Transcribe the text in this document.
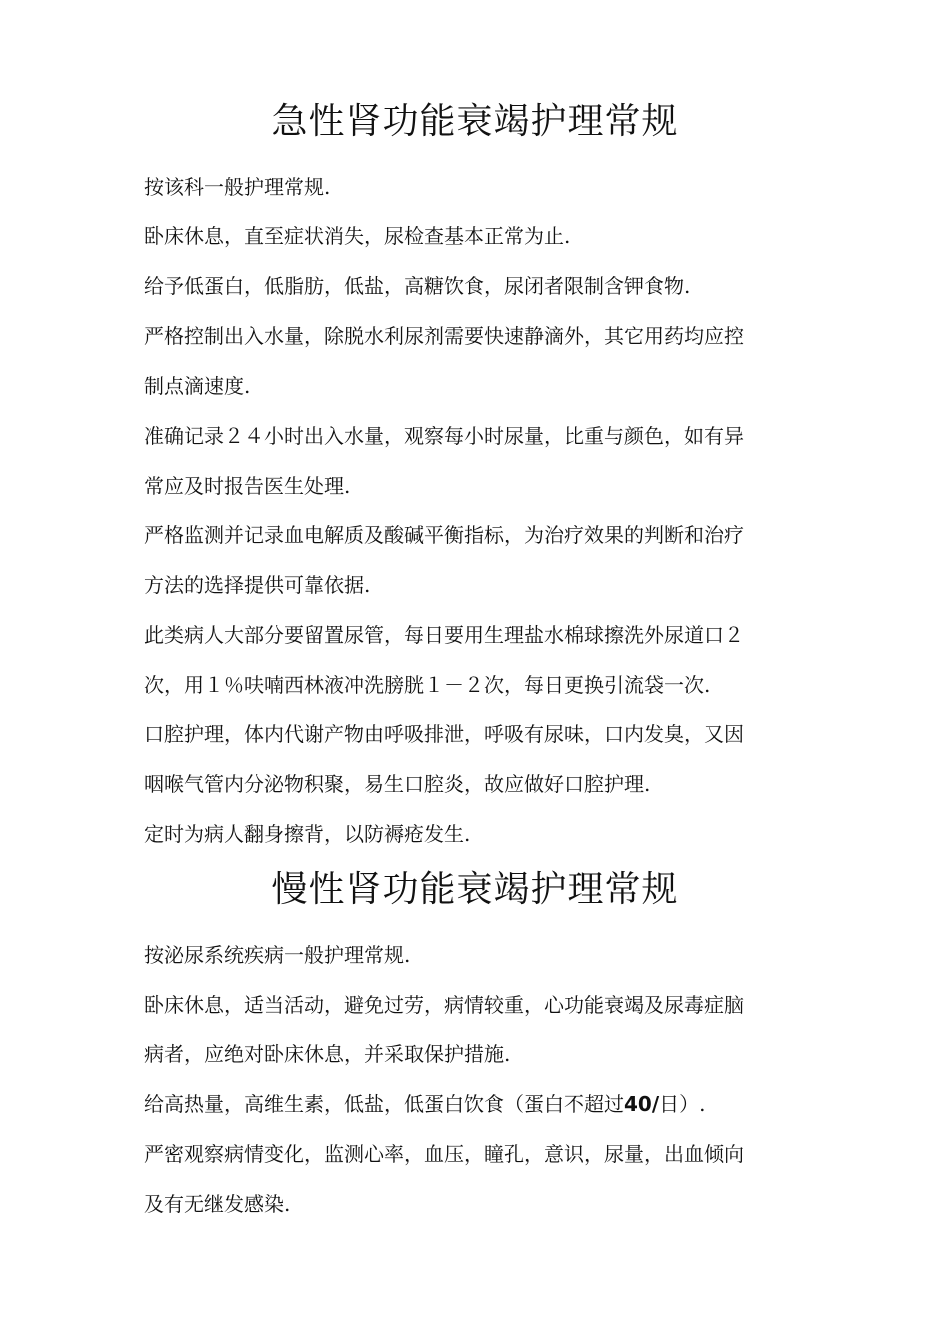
急性肾功能衰竭护理常规

按该科一般护理常规.

卧床休息，直至症状消失，尿检查基本正常为止.

给予低蛋白，低脂肪，低盐，高糖饮食，尿闭者限制含钾食物.

严格控制出入水量，除脱水利尿剂需要快速静滴外，其它用药均应控

制点滴速度.

准确记录２４小时出入水量，观察每小时尿量，比重与颜色，如有异

常应及时报告医生处理.

严格监测并记录血电解质及酸碱平衡指标，为治疗效果的判断和治疗

方法的选择提供可靠依据.

此类病人大部分要留置尿管，每日要用生理盐水棉球擦洗外尿道口２

次，用１％呋喃西林液冲洗膀胱１－２次，每日更换引流袋一次.

口腔护理，体内代谢产物由呼吸排泄，呼吸有尿味，口内发臭，又因

咽喉气管内分泌物积聚，易生口腔炎，故应做好口腔护理.

定时为病人翻身擦背，以防褥疮发生.

慢性肾功能衰竭护理常规

按泌尿系统疾病一般护理常规.

卧床休息，适当活动，避免过劳，病情较重，心功能衰竭及尿毒症脑

病者，应绝对卧床休息，并采取保护措施.

给高热量，高维生素，低盐，低蛋白饮食（蛋白不超过40/日）.

严密观察病情变化，监测心率，血压，瞳孔，意识，尿量，出血倾向

及有无继发感染.
